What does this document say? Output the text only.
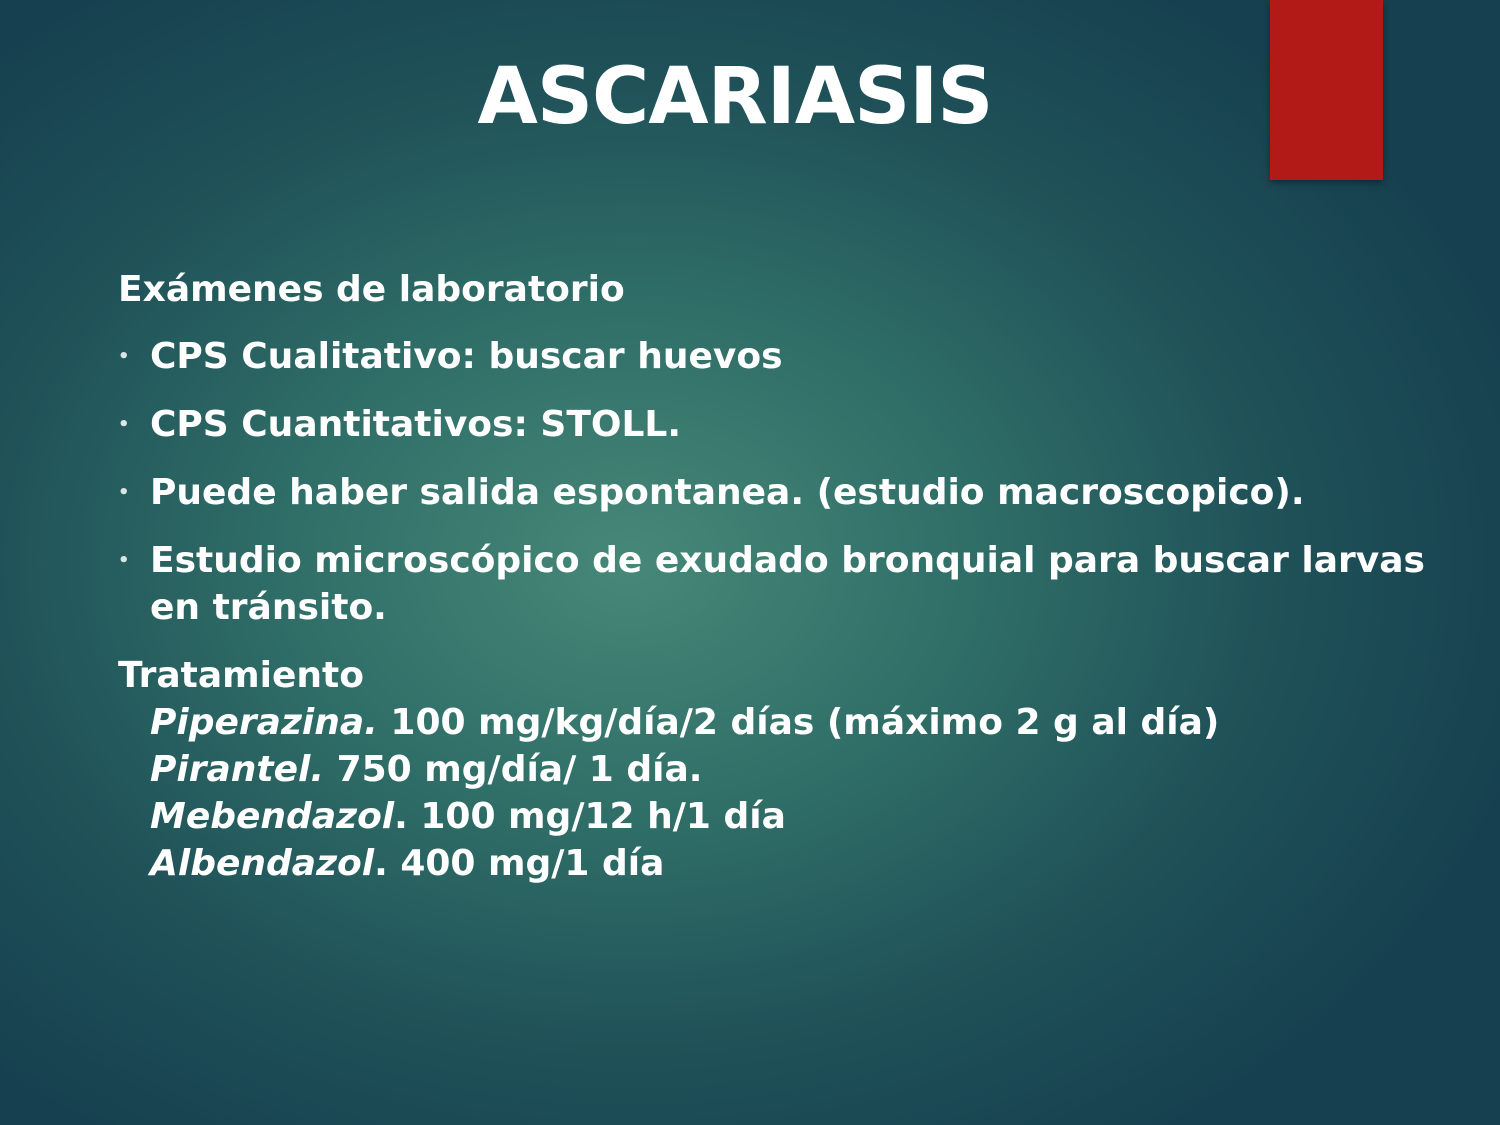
ASCARIASIS

Exámenes de laboratorio

• CPS Cualitativo: buscar huevos
• CPS Cuantitativos: STOLL.
• Puede haber salida espontanea. (estudio macroscopico).
• Estudio microscópico de exudado bronquial para buscar larvas en tránsito.
Tratamiento
Piperazina. 100 mg/kg/día/2 días (máximo 2 g al día)
Pirantel. 750 mg/día/ 1 día.
Mebendazol. 100 mg/12 h/1 día
Albendazol. 400 mg/1 día
